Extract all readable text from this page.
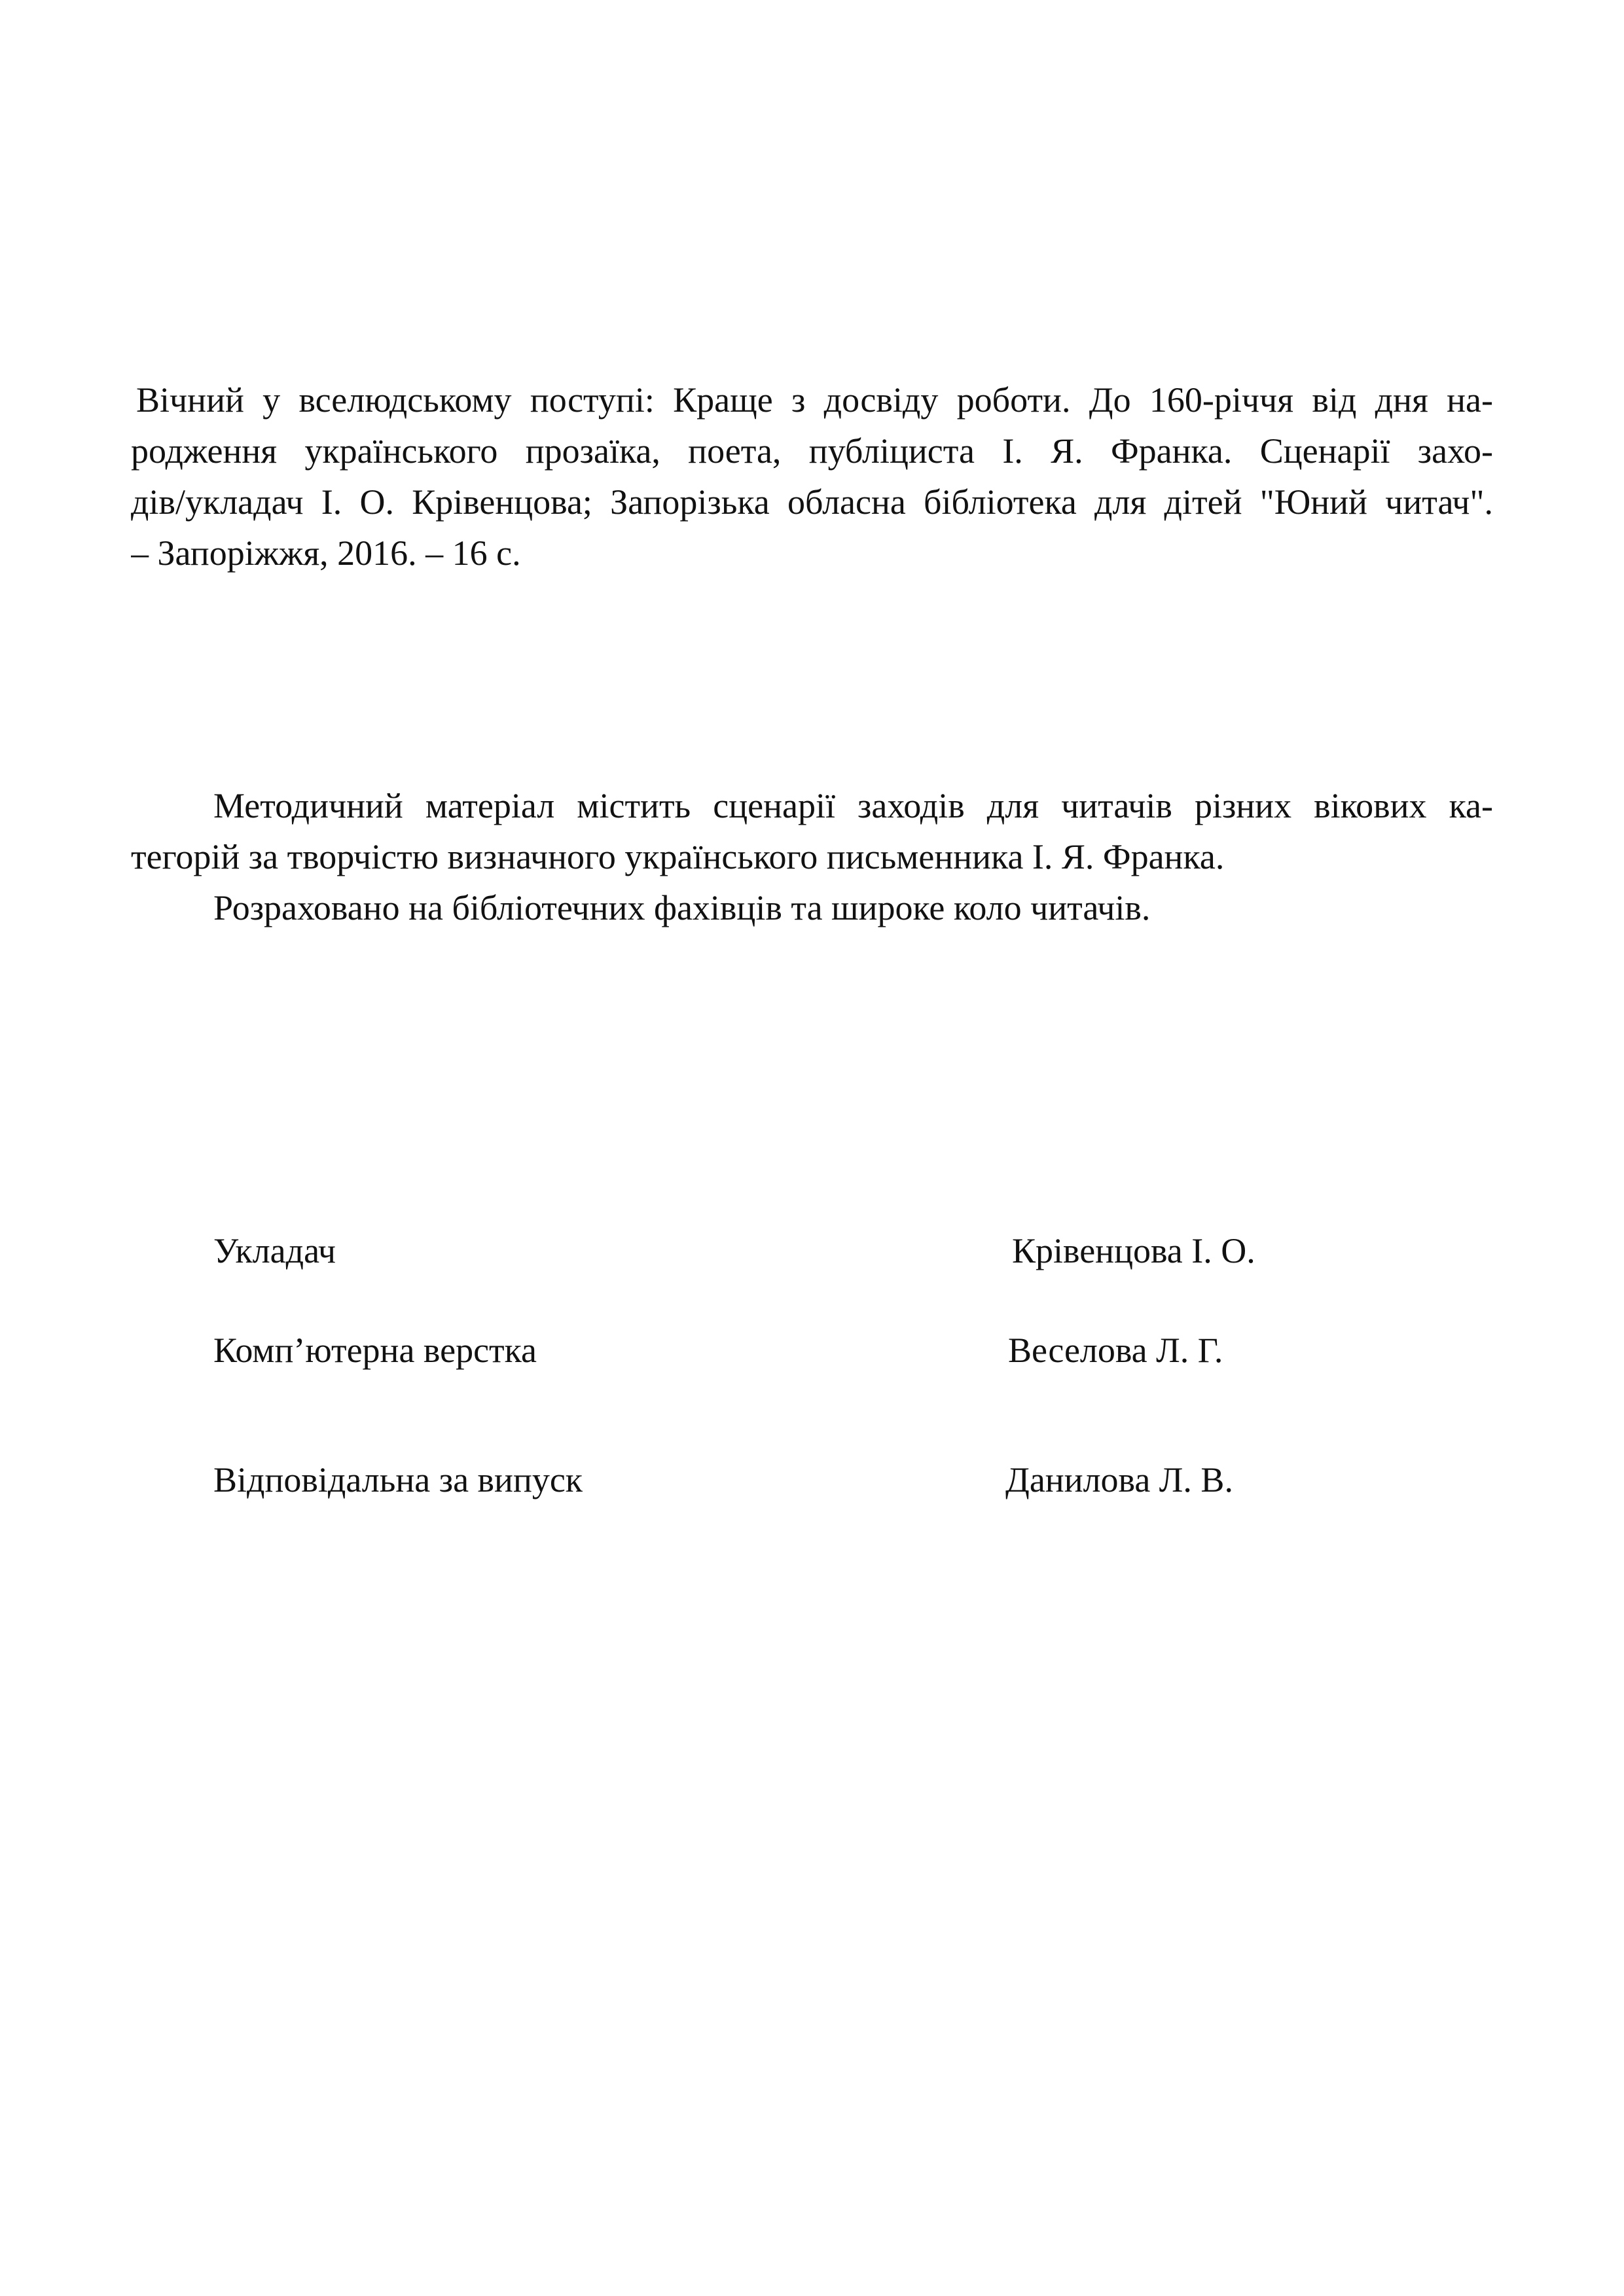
Вічний у вселюдському поступі: Краще з досвіду роботи. До 160-річчя від дня на-
родження українського прозаїка, поета, публіциста І. Я. Франка. Сценарії захо-
дів/укладач І. О. Крівенцова; Запорізька обласна бібліотека для дітей "Юний читач".
– Запоріжжя, 2016. – 16 с.
Методичний матеріал містить сценарії заходів для читачів різних вікових ка-
тегорій за творчістю визначного українського письменника І. Я. Франка.
Розраховано на бібліотечних фахівців та широке коло читачів.
Укладач	Крівенцова І. О.
Комп’ютерна верстка	Веселова Л. Г.
Відповідальна за випуск	Данилова Л. В.
